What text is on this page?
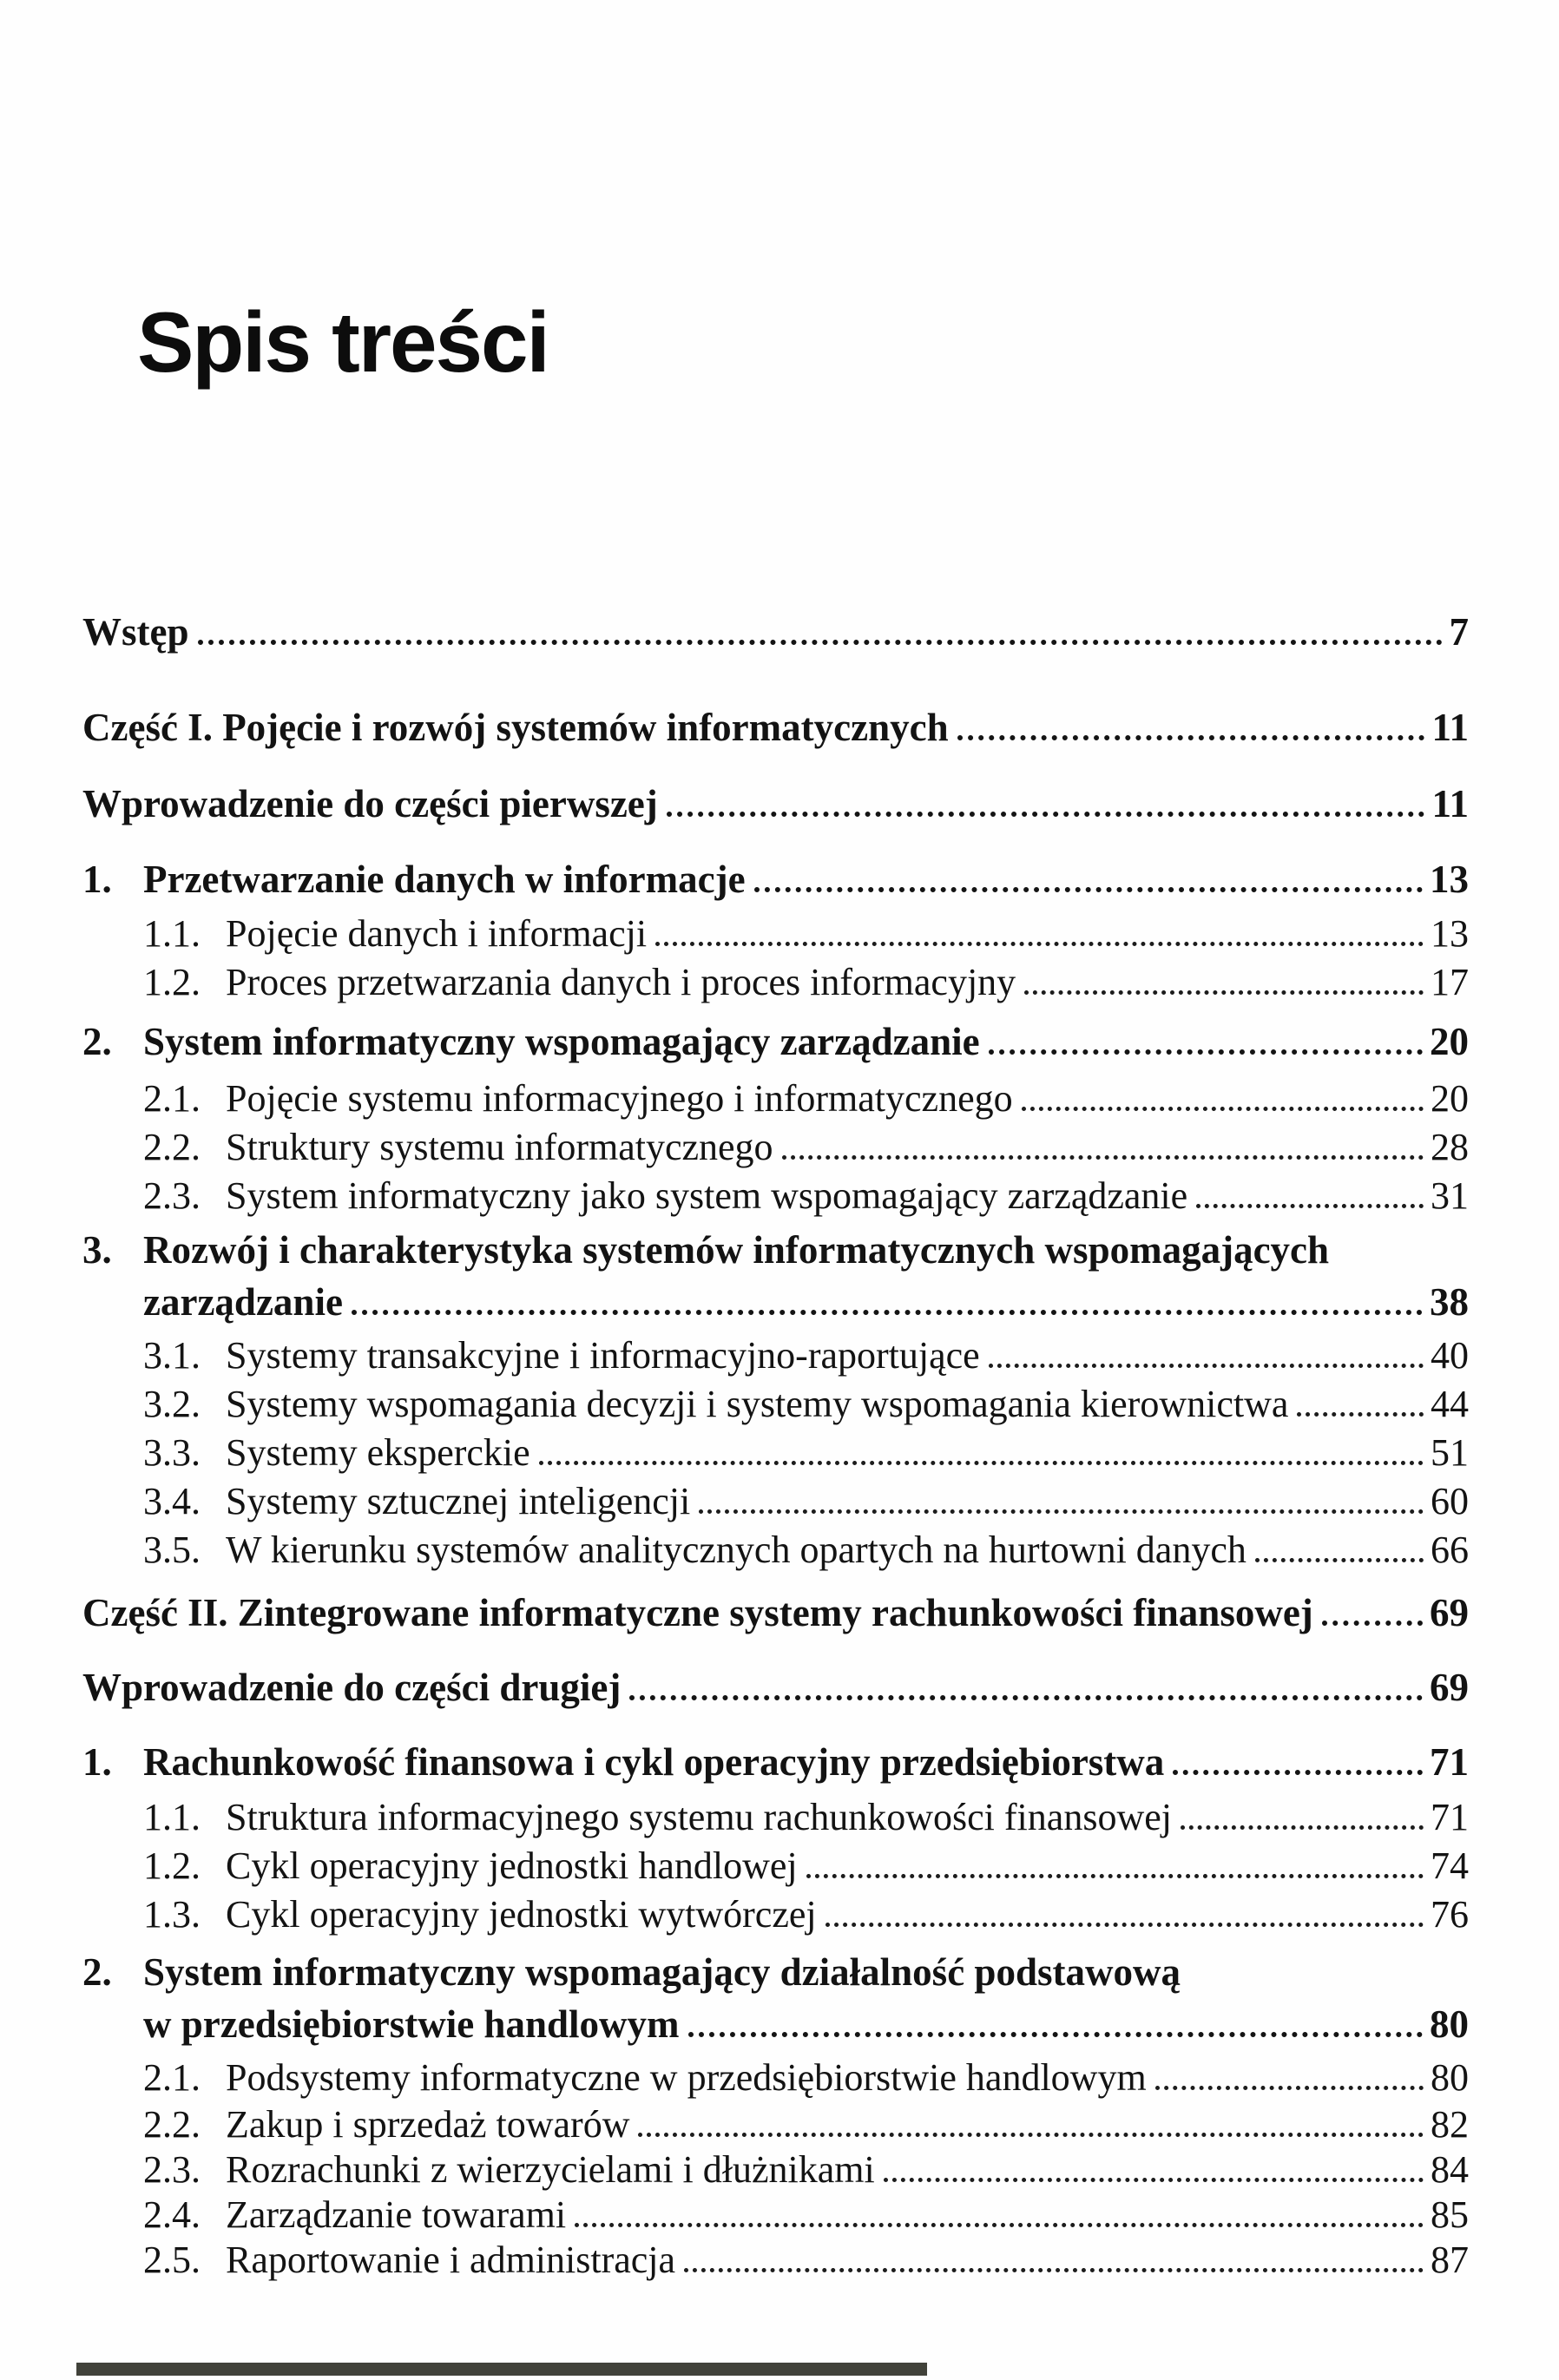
Spis treści
Wstęp	7
Część I. Pojęcie i rozwój systemów informatycznych	11
Wprowadzenie do części pierwszej	11
1. Przetwarzanie danych w informacje	13
1.1. Pojęcie danych i informacji	13
1.2. Proces przetwarzania danych i proces informacyjny	17
2. System informatyczny wspomagający zarządzanie	20
2.1. Pojęcie systemu informacyjnego i informatycznego	20
2.2. Struktury systemu informatycznego	28
2.3. System informatyczny jako system wspomagający zarządzanie	31
3. Rozwój i charakterystyka systemów informatycznych wspomagających
zarządzanie	38
3.1. Systemy transakcyjne i informacyjno-raportujące	40
3.2. Systemy wspomagania decyzji i systemy wspomagania kierownictwa	44
3.3. Systemy eksperckie	51
3.4. Systemy sztucznej inteligencji	60
3.5. W kierunku systemów analitycznych opartych na hurtowni danych	66
Część II. Zintegrowane informatyczne systemy rachunkowości finansowej	69
Wprowadzenie do części drugiej	69
1. Rachunkowość finansowa i cykl operacyjny przedsiębiorstwa	71
1.1. Struktura informacyjnego systemu rachunkowości finansowej	71
1.2. Cykl operacyjny jednostki handlowej	74
1.3. Cykl operacyjny jednostki wytwórczej	76
2. System informatyczny wspomagający działalność podstawową
w przedsiębiorstwie handlowym	80
2.1. Podsystemy informatyczne w przedsiębiorstwie handlowym	80
2.2. Zakup i sprzedaż towarów	82
2.3. Rozrachunki z wierzycielami i dłużnikami	84
2.4. Zarządzanie towarami	85
2.5. Raportowanie i administracja	87
